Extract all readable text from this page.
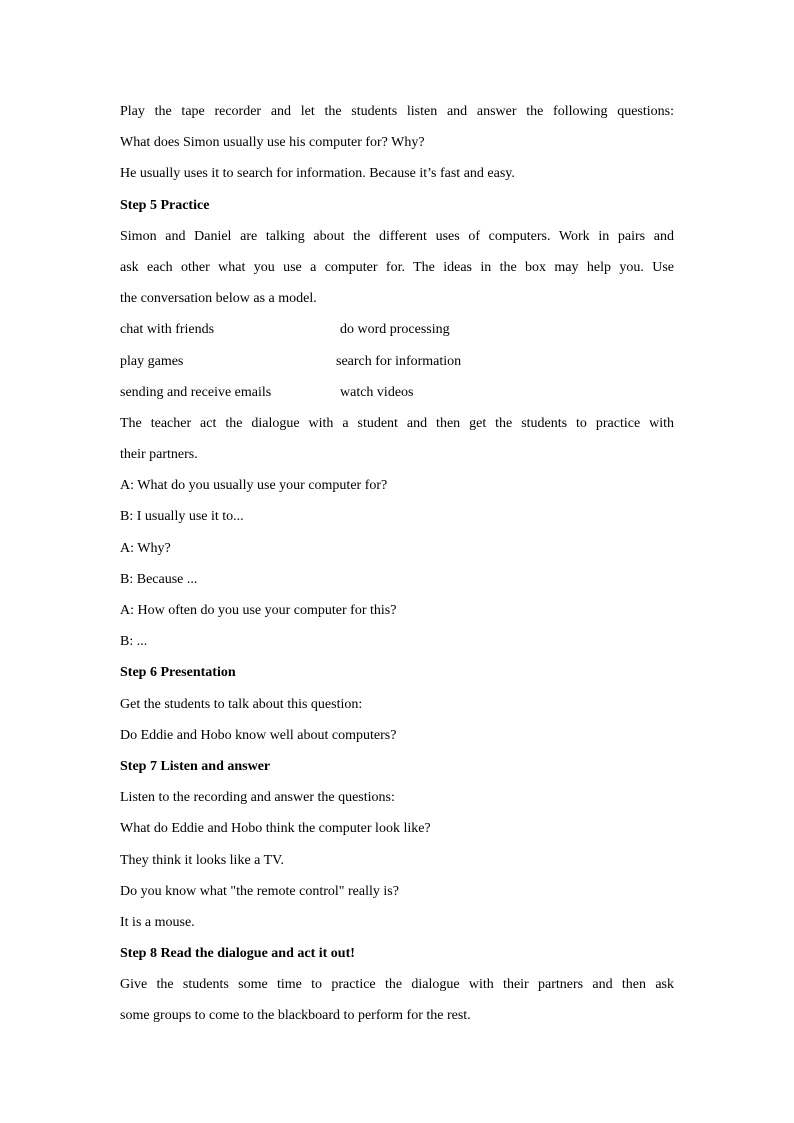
Play the tape recorder and let the students listen and answer the following questions:
What does Simon usually use his computer for? Why?
He usually uses it to search for information. Because it’s fast and easy.
Step 5 Practice
Simon and Daniel are talking about the different uses of computers. Work in pairs and
ask each other what you use a computer for. The ideas in the box may help you. Use
the conversation below as a model.
chat with friends	do word processing
play games	search for information
sending and receive emails	watch videos
The teacher act the dialogue with a student and then get the students to practice with
their partners.
A: What do you usually use your computer for?
B: I usually use it to...
A: Why?
B: Because ...
A: How often do you use your computer for this?
B: ...
Step 6 Presentation
Get the students to talk about this question:
Do Eddie and Hobo know well about computers?
Step 7 Listen and answer
Listen to the recording and answer the questions:
What do Eddie and Hobo think the computer look like?
They think it looks like a TV.
Do you know what "the remote control" really is?
It is a mouse.
Step 8 Read the dialogue and act it out!
Give the students some time to practice the dialogue with their partners and then ask
some groups to come to the blackboard to perform for the rest.
